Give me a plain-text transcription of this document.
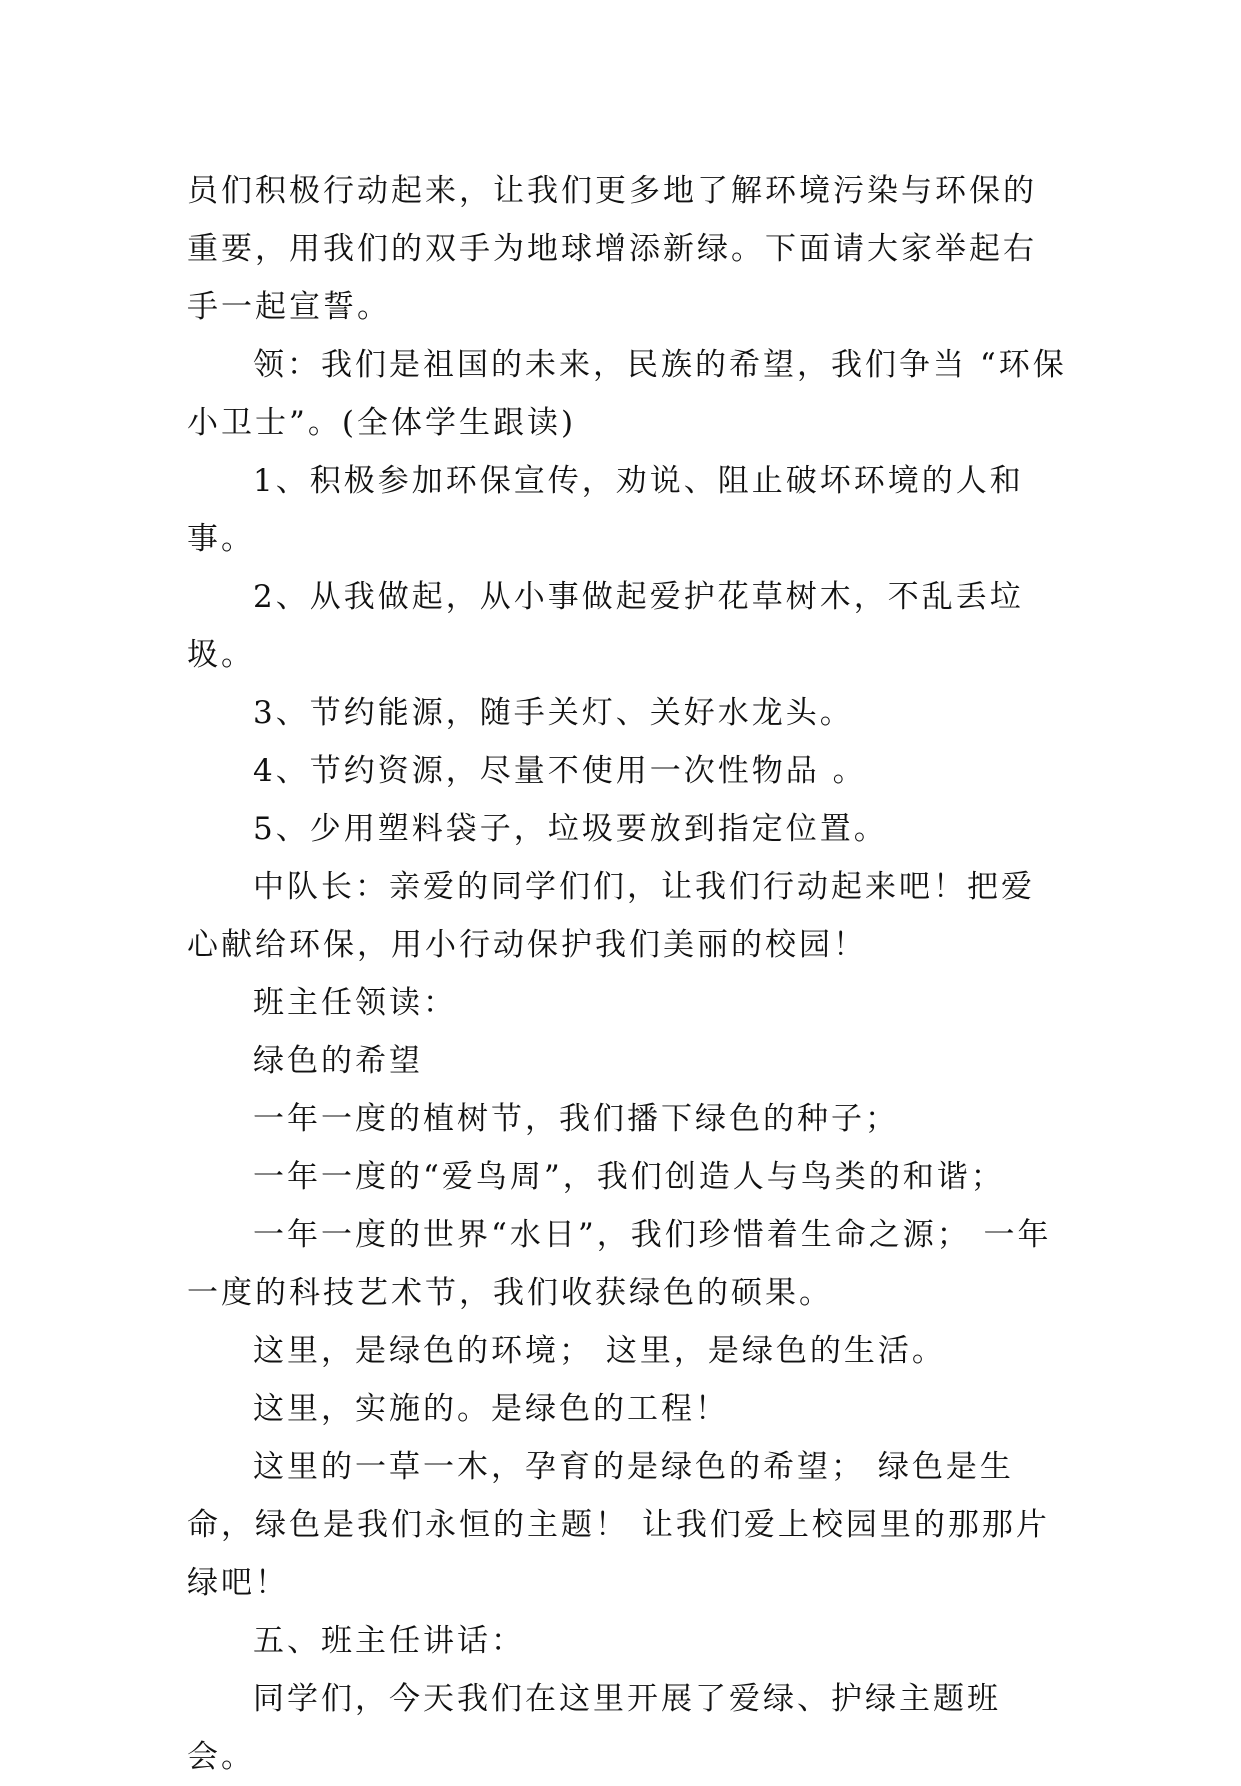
员们积极行动起来，让我们更多地了解环境污染与环保的重要，用我们的双手为地球增添新绿。下面请大家举起右手一起宣誓。

领：我们是祖国的未来，民族的希望，我们争当 “环保小卫士”。(全体学生跟读)

1、积极参加环保宣传，劝说、阻止破坏环境的人和事。

2、从我做起，从小事做起爱护花草树木，不乱丢垃圾。

3、节约能源，随手关灯、关好水龙头。

4、节约资源，尽量不使用一次性物品 。

5、少用塑料袋子，垃圾要放到指定位置。

中队长：亲爱的同学们们，让我们行动起来吧！把爱心献给环保，用小行动保护我们美丽的校园！

班主任领读：

绿色的希望

一年一度的植树节，我们播下绿色的种子；

一年一度的“爱鸟周”，我们创造人与鸟类的和谐；

一年一度的世界“水日”，我们珍惜着生命之源； 一年一度的科技艺术节，我们收获绿色的硕果。

这里，是绿色的环境； 这里，是绿色的生活。

这里，实施的。是绿色的工程！

这里的一草一木，孕育的是绿色的希望； 绿色是生命，绿色是我们永恒的主题！ 让我们爱上校园里的那那片绿吧！

五、班主任讲话：

同学们，今天我们在这里开展了爱绿、护绿主题班会。
